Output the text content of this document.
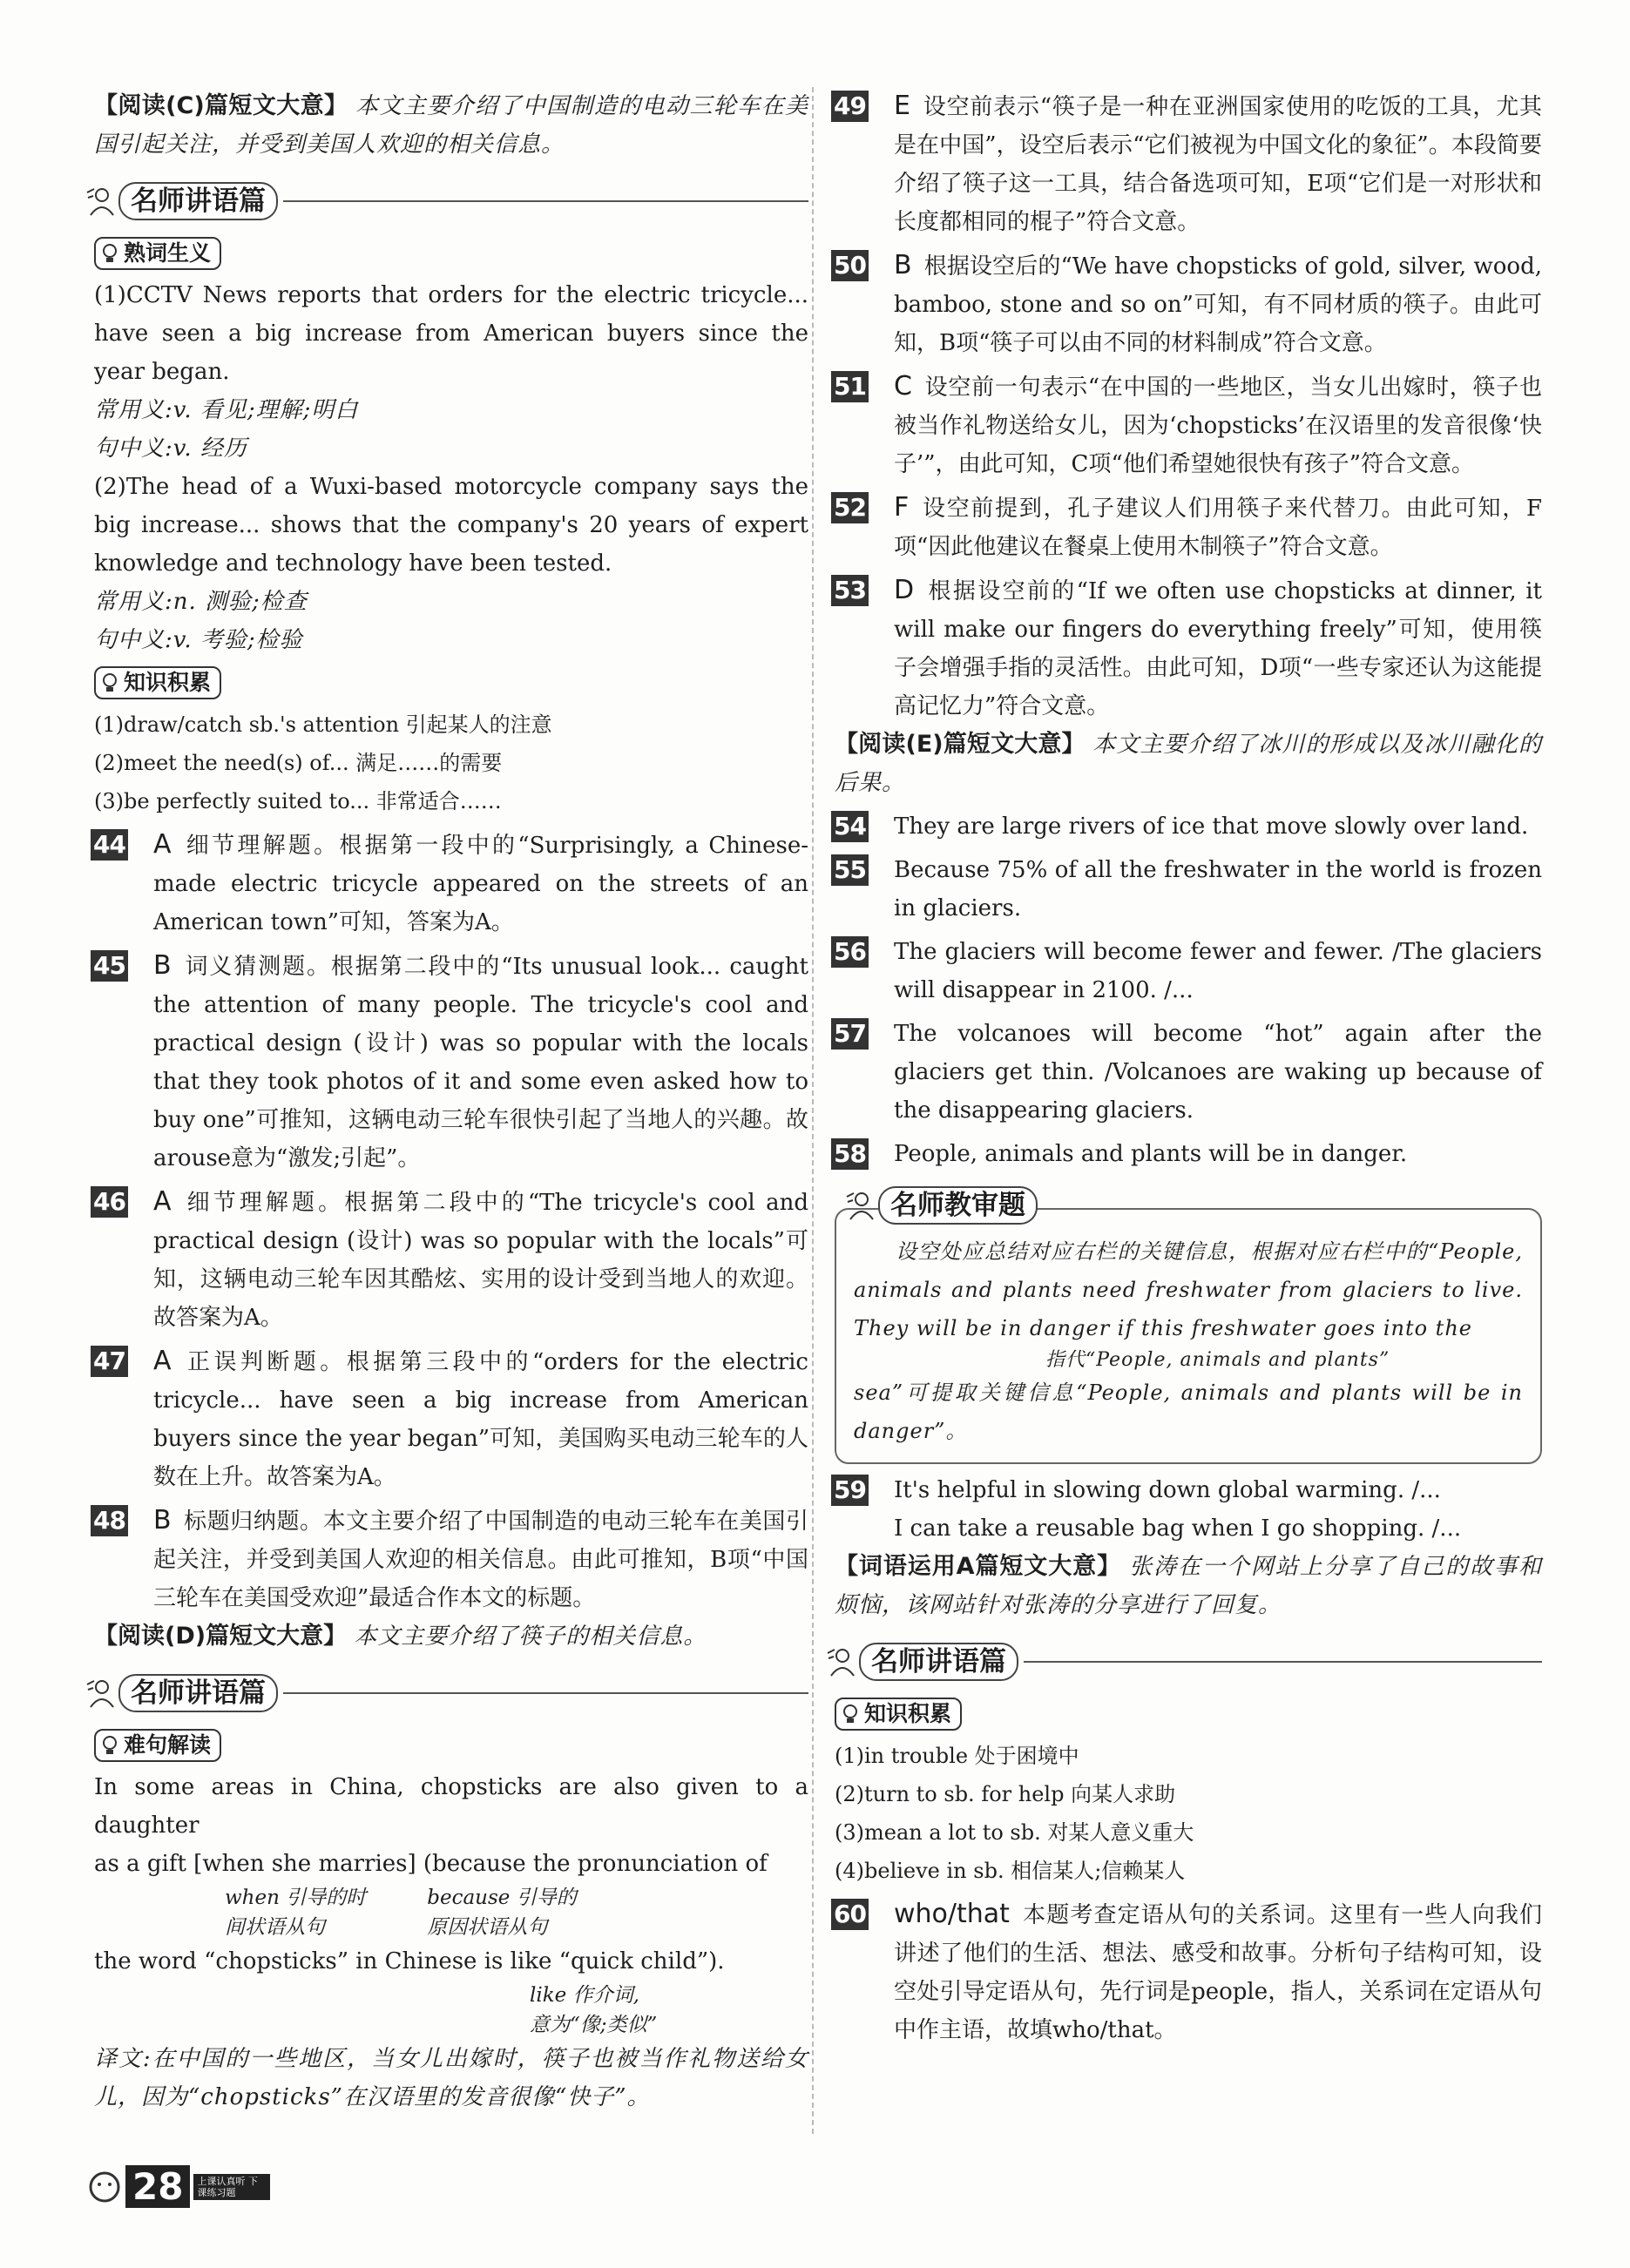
【阅读(C)篇短文大意】 本文主要介绍了中国制造的电动三轮车在美国引起关注，并受到美国人欢迎的相关信息。

名师讲语篇
熟词生义

(1)CCTV News reports that orders for the electric tricycle... have seen a big increase from American buyers since the year began.

常用义:v. 看见;理解;明白

句中义:v. 经历

(2)The head of a Wuxi-based motorcycle company says the big increase... shows that the company's 20 years of expert knowledge and technology have been tested.

常用义:n. 测验;检查

句中义:v. 考验;检验

知识积累

(1)draw/catch sb.'s attention 引起某人的注意

(2)meet the need(s) of... 满足……的需要

(3)be perfectly suited to... 非常适合……

44 A 细节理解题。根据第一段中的“Surprisingly, a Chinese-made electric tricycle appeared on the streets of an American town”可知，答案为A。
45 B 词义猜测题。根据第二段中的“Its unusual look... caught the attention of many people. The tricycle's cool and practical design (设计) was so popular with the locals that they took photos of it and some even asked how to buy one”可推知，这辆电动三轮车很快引起了当地人的兴趣。故arouse意为“激发;引起”。
46 A 细节理解题。根据第二段中的“The tricycle's cool and practical design (设计) was so popular with the locals”可知，这辆电动三轮车因其酷炫、实用的设计受到当地人的欢迎。故答案为A。
47 A 正误判断题。根据第三段中的“orders for the electric tricycle... have seen a big increase from American buyers since the year began”可知，美国购买电动三轮车的人数在上升。故答案为A。
48 B 标题归纳题。本文主要介绍了中国制造的电动三轮车在美国引起关注，并受到美国人欢迎的相关信息。由此可推知，B项“中国三轮车在美国受欢迎”最适合作本文的标题。

【阅读(D)篇短文大意】 本文主要介绍了筷子的相关信息。

名师讲语篇
难句解读

In some areas in China, chopsticks are also given to a daughter

as a gift [when she marries] (because the pronunciation of

when 引导的时
间状语从句
because 引导的
原因状语从句

the word “chopsticks” in Chinese is like “quick child”).

like 作介词,
意为“像;类似”

译文:在中国的一些地区，当女儿出嫁时，筷子也被当作礼物送给女儿，因为“chopsticks”在汉语里的发音很像“快子”。

49 E 设空前表示“筷子是一种在亚洲国家使用的吃饭的工具，尤其是在中国”，设空后表示“它们被视为中国文化的象征”。本段简要介绍了筷子这一工具，结合备选项可知，E项“它们是一对形状和长度都相同的棍子”符合文意。
50 B 根据设空后的“We have chopsticks of gold, silver, wood, bamboo, stone and so on”可知，有不同材质的筷子。由此可知，B项“筷子可以由不同的材料制成”符合文意。
51 C 设空前一句表示“在中国的一些地区，当女儿出嫁时，筷子也被当作礼物送给女儿，因为‘chopsticks’在汉语里的发音很像‘快子’”，由此可知，C项“他们希望她很快有孩子”符合文意。
52 F 设空前提到，孔子建议人们用筷子来代替刀。由此可知，F项“因此他建议在餐桌上使用木制筷子”符合文意。
53 D 根据设空前的“If we often use chopsticks at dinner, it will make our fingers do everything freely”可知，使用筷子会增强手指的灵活性。由此可知，D项“一些专家还认为这能提高记忆力”符合文意。

【阅读(E)篇短文大意】 本文主要介绍了冰川的形成以及冰川融化的后果。

54 They are large rivers of ice that move slowly over land.
55 Because 75% of all the freshwater in the world is frozen in glaciers.
56 The glaciers will become fewer and fewer. /The glaciers will disappear in 2100. /...
57 The volcanoes will become “hot” again after the glaciers get thin. /Volcanoes are waking up because of the disappearing glaciers.
58 People, animals and plants will be in danger.
名师教审题

设空处应总结对应右栏的关键信息，根据对应右栏中的“People, animals and plants need freshwater from glaciers to live. They will be in danger if this freshwater goes into the

指代“People, animals and plants”

sea”可提取关键信息“People, animals and plants will be in danger”。

59 It's helpful in slowing down global warming. /...
I can take a reusable bag when I go shopping. /...

【词语运用A篇短文大意】 张涛在一个网站上分享了自己的故事和烦恼，该网站针对张涛的分享进行了回复。

名师讲语篇
知识积累

(1)in trouble 处于困境中

(2)turn to sb. for help 向某人求助

(3)mean a lot to sb. 对某人意义重大

(4)believe in sb. 相信某人;信赖某人

60 who/that 本题考查定语从句的关系词。这里有一些人向我们讲述了他们的生活、想法、感受和故事。分析句子结构可知，设空处引导定语从句，先行词是people，指人，关系词在定语从句中作主语，故填who/that。
28	上课认真听 下课练习题
